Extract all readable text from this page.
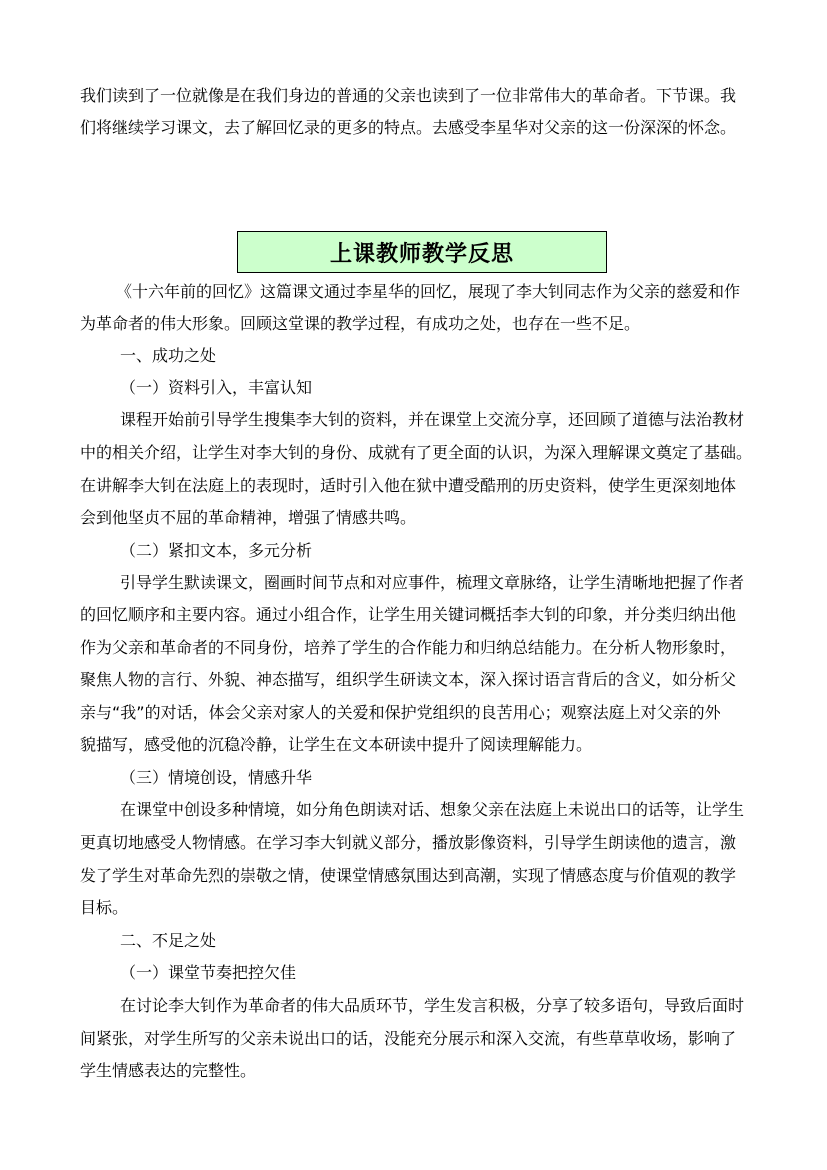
我们读到了一位就像是在我们身边的普通的父亲也读到了一位非常伟大的革命者。下节课。我
们将继续学习课文，去了解回忆录的更多的特点。去感受李星华对父亲的这一份深深的怀念。
上课教师教学反思
《十六年前的回忆》这篇课文通过李星华的回忆，展现了李大钊同志作为父亲的慈爱和作
为革命者的伟大形象。回顾这堂课的教学过程，有成功之处，也存在一些不足。
一、成功之处
（一）资料引入，丰富认知
课程开始前引导学生搜集李大钊的资料，并在课堂上交流分享，还回顾了道德与法治教材
中的相关介绍，让学生对李大钊的身份、成就有了更全面的认识，为深入理解课文奠定了基础。
在讲解李大钊在法庭上的表现时，适时引入他在狱中遭受酷刑的历史资料，使学生更深刻地体
会到他坚贞不屈的革命精神，增强了情感共鸣。
（二）紧扣文本，多元分析
引导学生默读课文，圈画时间节点和对应事件，梳理文章脉络，让学生清晰地把握了作者
的回忆顺序和主要内容。通过小组合作，让学生用关键词概括李大钊的印象，并分类归纳出他
作为父亲和革命者的不同身份，培养了学生的合作能力和归纳总结能力。在分析人物形象时，
聚焦人物的言行、外貌、神态描写，组织学生研读文本，深入探讨语言背后的含义，如分析父
亲与“我”的对话，体会父亲对家人的关爱和保护党组织的良苦用心；观察法庭上对父亲的外
貌描写，感受他的沉稳冷静，让学生在文本研读中提升了阅读理解能力。
（三）情境创设，情感升华
在课堂中创设多种情境，如分角色朗读对话、想象父亲在法庭上未说出口的话等，让学生
更真切地感受人物情感。在学习李大钊就义部分，播放影像资料，引导学生朗读他的遗言，激
发了学生对革命先烈的崇敬之情，使课堂情感氛围达到高潮，实现了情感态度与价值观的教学
目标。
二、不足之处
（一）课堂节奏把控欠佳
在讨论李大钊作为革命者的伟大品质环节，学生发言积极，分享了较多语句，导致后面时
间紧张，对学生所写的父亲未说出口的话，没能充分展示和深入交流，有些草草收场，影响了
学生情感表达的完整性。
